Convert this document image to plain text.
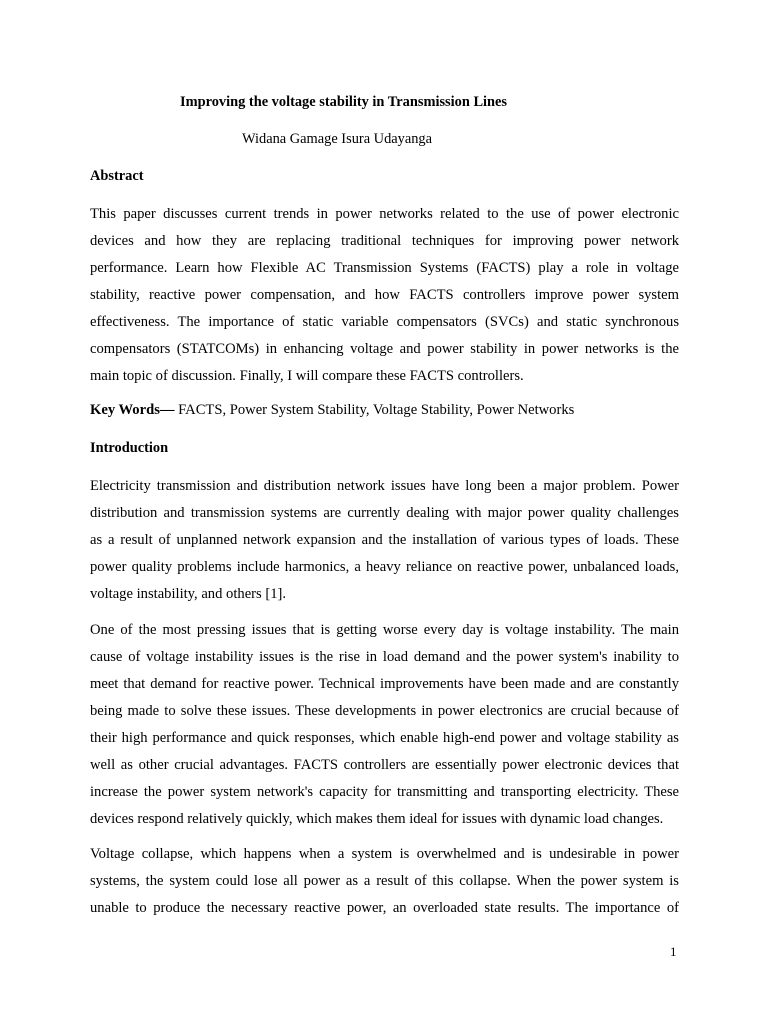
Improving the voltage stability in Transmission Lines
Widana Gamage Isura Udayanga
Abstract
This paper discusses current trends in power networks related to the use of power electronic
devices and how they are replacing traditional techniques for improving power network
performance. Learn how Flexible AC Transmission Systems (FACTS) play a role in voltage
stability, reactive power compensation, and how FACTS controllers improve power system
effectiveness. The importance of static variable compensators (SVCs) and static synchronous
compensators (STATCOMs) in enhancing voltage and power stability in power networks is the
main topic of discussion. Finally, I will compare these FACTS controllers.
Key Words— FACTS, Power System Stability, Voltage Stability, Power Networks
Introduction
Electricity transmission and distribution network issues have long been a major problem. Power
distribution and transmission systems are currently dealing with major power quality challenges
as a result of unplanned network expansion and the installation of various types of loads. These
power quality problems include harmonics, a heavy reliance on reactive power, unbalanced loads,
voltage instability, and others [1].
One of the most pressing issues that is getting worse every day is voltage instability. The main
cause of voltage instability issues is the rise in load demand and the power system's inability to
meet that demand for reactive power. Technical improvements have been made and are constantly
being made to solve these issues. These developments in power electronics are crucial because of
their high performance and quick responses, which enable high-end power and voltage stability as
well as other crucial advantages. FACTS controllers are essentially power electronic devices that
increase the power system network's capacity for transmitting and transporting electricity. These
devices respond relatively quickly, which makes them ideal for issues with dynamic load changes.
Voltage collapse, which happens when a system is overwhelmed and is undesirable in power
systems, the system could lose all power as a result of this collapse. When the power system is
unable to produce the necessary reactive power, an overloaded state results. The importance of
1
